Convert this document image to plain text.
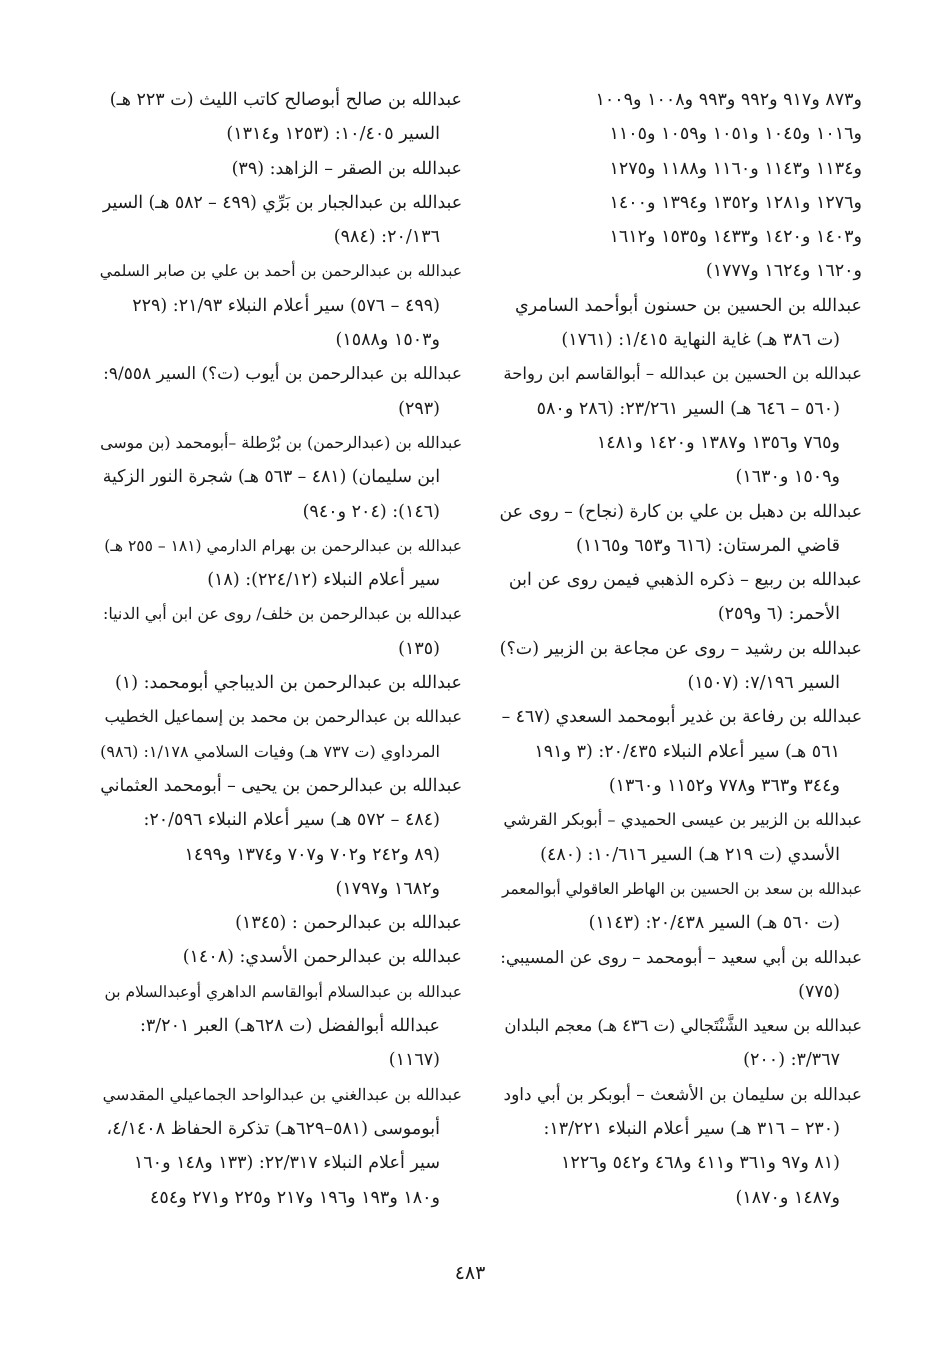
و٨٧٣ و٩١٧ و٩٩٢ و٩٩٣ و١٠٠٨ و١٠٠٩
و١٠١٦ و١٠٤٥ و١٠٥١ و١٠٥٩ و١١٠٥
و١١٣٤ و١١٤٣ و١١٦٠ و١١٨٨ و١٢٧٥
و١٢٧٦ و١٢٨١ و١٣٥٢ و١٣٩٤ و١٤٠٠
و١٤٠٣ و١٤٢٠ و١٤٣٣ و١٥٣٥ و١٦١٢
و١٦٢٠ و١٦٢٤ و١٧٧٧)
عبدالله بن الحسين بن حسنون أبوأحمد السامري
(ت ٣٨٦ هـ) غاية النهاية ١/٤١٥: (١٧٦١)
عبدالله بن الحسين بن عبدالله – أبوالقاسم ابن رواحة
(٥٦٠ – ٦٤٦ هـ) السير ٢٣/٢٦١: (٢٨٦ و٥٨٠
و٧٦٥ و١٣٥٦ و١٣٨٧ و١٤٢٠ و١٤٨١
و١٥٠٩ و١٦٣٠)
عبدالله بن دهبل بن علي بن كارة (نجاح) – روى عن
قاضي المرستان: (٦١٦ و٦٥٣ و١١٦٥)
عبدالله بن ربيع – ذكره الذهبي فيمن روى عن ابن
الأحمر: (٦ و٢٥٩)
عبدالله بن رشيد – روى عن مجاعة بن الزبير (ت؟)
السير ٧/١٩٦: (١٥٠٧)
عبدالله بن رفاعة بن غدير أبومحمد السعدي (٤٦٧ –
٥٦١ هـ) سير أعلام النبلاء ٢٠/٤٣٥: (٣ و١٩١
و٣٤٤ و٣٦٣ و٧٧٨ و١١٥٢ و١٣٦٠)
عبدالله بن الزبير بن عيسى الحميدي – أبوبكر القرشي
الأسدي (ت ٢١٩ هـ) السير ١٠/٦١٦: (٤٨٠)
عبدالله بن سعد بن الحسين بن الهاطر العاقولي أبوالمعمر
(ت ٥٦٠ هـ) السير ٢٠/٤٣٨: (١١٤٣)
عبدالله بن أبي سعيد – أبومحمد – روى عن المسيبي:
(٧٧٥)
عبدالله بن سعيد الشَّنْتَجالي (ت ٤٣٦ هـ) معجم البلدان
٣/٣٦٧: (٢٠٠)
عبدالله بن سليمان بن الأشعث – أبوبكر بن أبي داود
(٢٣٠ – ٣١٦ هـ) سير أعلام النبلاء ١٣/٢٢١:
(٨١ و٩٧ و٣٦١ و٤١١ و٤٦٨ و٥٤٢ و١٢٢٦
و١٤٨٧ و١٨٧٠)
عبدالله بن صالح أبوصالح كاتب الليث (ت ٢٢٣ هـ)
السير ١٠/٤٠٥: (١٢٥٣ و١٣١٤)
عبدالله بن الصقر – الزاهد: (٣٩)
عبدالله بن عبدالجبار بن بَرِّي (٤٩٩ – ٥٨٢ هـ) السير
٢٠/١٣٦: (٩٨٤)
عبدالله بن عبدالرحمن بن أحمد بن علي بن صابر السلمي
(٤٩٩ – ٥٧٦) سير أعلام النبلاء ٢١/٩٣: (٢٢٩
و١٥٠٣ و١٥٨٨)
عبدالله بن عبدالرحمن بن أيوب (ت؟) السير ٩/٥٥٨:
(٢٩٣)
عبدالله بن (عبدالرحمن) بن بُرْطلة –أبومحمد (بن موسى
ابن سليمان) (٤٨١ – ٥٦٣ هـ) شجرة النور الزكية
(١٤٦): (٢٠٤ و٩٤٠)
عبدالله بن عبدالرحمن بن بهرام الدارمي (١٨١ – ٢٥٥ هـ)
سير أعلام النبلاء (٢٢٤/١٢): (١٨)
عبدالله بن عبدالرحمن بن خلف/ روى عن ابن أبي الدنيا:
(١٣٥)
عبدالله بن عبدالرحمن بن الديباجي أبومحمد: (١)
عبدالله بن عبدالرحمن بن محمد بن إسماعيل الخطيب
المرداوي (ت ٧٣٧ هـ) وفيات السلامي ١/١٧٨: (٩٨٦)
عبدالله بن عبدالرحمن بن يحيى – أبومحمد العثماني
(٤٨٤ – ٥٧٢ هـ) سير أعلام النبلاء ٢٠/٥٩٦:
(٨٩ و٢٤٢ و٧٠٢ و٧٠٧ و١٣٧٤ و١٤٩٩
و١٦٨٢ و١٧٩٧)
عبدالله بن عبدالرحمن : (١٣٤٥)
عبدالله بن عبدالرحمن الأسدي: (١٤٠٨)
عبدالله بن عبدالسلام أبوالقاسم الداهري أوعبدالسلام بن
عبدالله أبوالفضل (ت ٦٢٨هـ) العبر ٣/٢٠١:
(١١٦٧)
عبدالله بن عبدالغني بن عبدالواحد الجماعيلي المقدسي
أبوموسى (٥٨١–٦٢٩هـ) تذكرة الحفاظ ٤/١٤٠٨،
سير أعلام النبلاء ٢٢/٣١٧: (١٣٣ و١٤٨ و١٦٠
و١٨٠ و١٩٣ و١٩٦ و٢١٧ و٢٢٥ و٢٧١ و٤٥٤
٤٨٣
